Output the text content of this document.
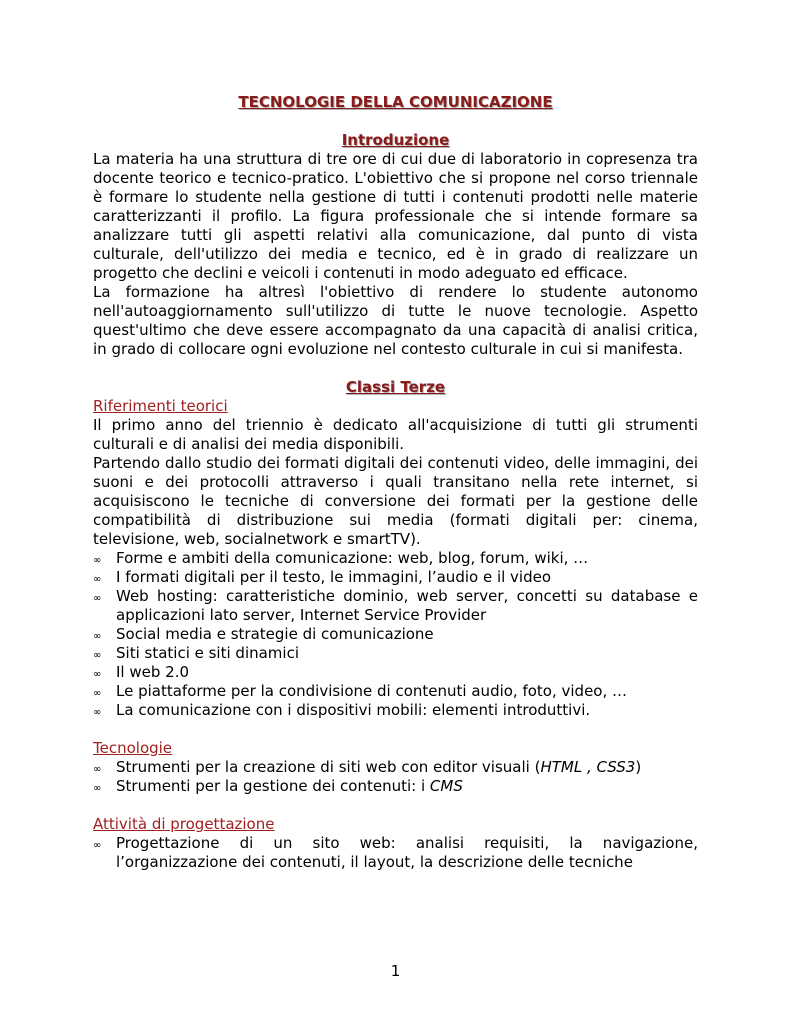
TECNOLOGIE DELLA COMUNICAZIONE
Introduzione

La materia ha una struttura di tre ore di cui due di laboratorio in copresenza tra docente teorico e tecnico-pratico. L'obiettivo che si propone nel corso triennale è formare lo studente nella gestione di tutti i contenuti prodotti nelle materie caratterizzanti il profilo. La figura professionale che si intende formare sa analizzare tutti gli aspetti relativi alla comunicazione, dal punto di vista culturale, dell'utilizzo dei media e tecnico, ed è in grado di realizzare un progetto che declini e veicoli i contenuti in modo adeguato ed efficace.

La formazione ha altresì l'obiettivo di rendere lo studente autonomo nell'autoaggiornamento sull'utilizzo di tutte le nuove tecnologie. Aspetto quest'ultimo che deve essere accompagnato da una capacità di analisi critica, in grado di collocare ogni evoluzione nel contesto culturale in cui si manifesta.

Classi Terze
Riferimenti teorici

Il primo anno del triennio è dedicato all'acquisizione di tutti gli strumenti culturali e di analisi dei media disponibili.

Partendo dallo studio dei formati digitali dei contenuti video, delle immagini, dei suoni e dei protocolli attraverso i quali transitano nella rete internet, si acquisiscono le tecniche di conversione dei formati per la gestione delle compatibilità di distribuzione sui media (formati digitali per: cinema, televisione, web, socialnetwork e smartTV).

∞ Forme e ambiti della comunicazione: web, blog, forum, wiki, …
∞ I formati digitali per il testo, le immagini, l’audio e il video
∞ Web hosting: caratteristiche dominio, web server, concetti su database e applicazioni lato server, Internet Service Provider
∞ Social media e strategie di comunicazione
∞ Siti statici e siti dinamici
∞ Il web 2.0
∞ Le piattaforme per la condivisione di contenuti audio, foto, video, …
∞ La comunicazione con i dispositivi mobili: elementi introduttivi.
Tecnologie
∞ Strumenti per la creazione di siti web con editor visuali (HTML , CSS3)
∞ Strumenti per la gestione dei contenuti: i CMS
Attività di progettazione
∞ Progettazione di un sito web: analisi requisiti, la navigazione, l’organizzazione dei contenuti, il layout, la descrizione delle tecniche
1
